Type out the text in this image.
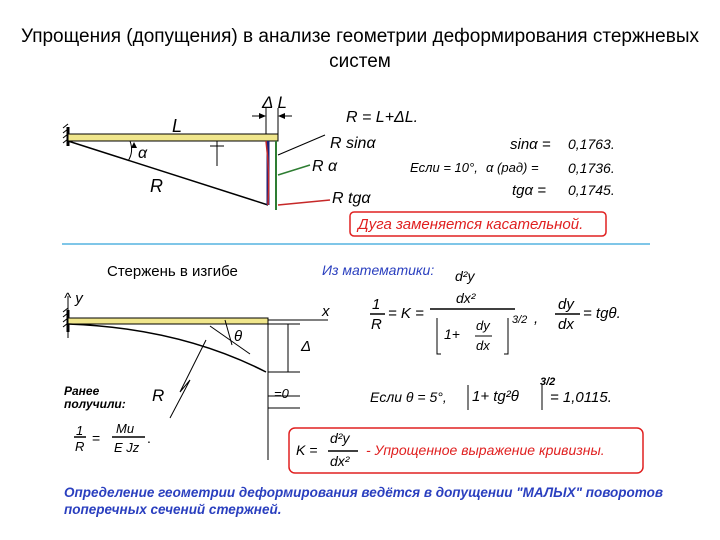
Упрощения (допущения) в анализе геометрии деформирования стержневых систем
L
Δ L
α
R
R sinα
R α
R tgα
R = L+ΔL.
sinα = 0,1763.
Если = 10°, α (рад) = 0,1736.
tgα = 0,1745.
Дуга заменяется касательной.
Стержень в изгибе
^ y
x
θ
Δ
=0
R
Ранее получили:
1
R
=
Mи
E Jz
.
Из математики:
1
R
= K =
d²y
dx²
1+
dy
dx
3/2 ,
dy
dx
= tgθ.
Если θ = 5°, 1+ tg²θ
3/2
= 1,0115.
K =
d²y
dx²
- Упрощенное выражение кривизны.
Определение геометрии деформирования ведётся в допущении "МАЛЫХ" поворотов поперечных сечений стержней.
